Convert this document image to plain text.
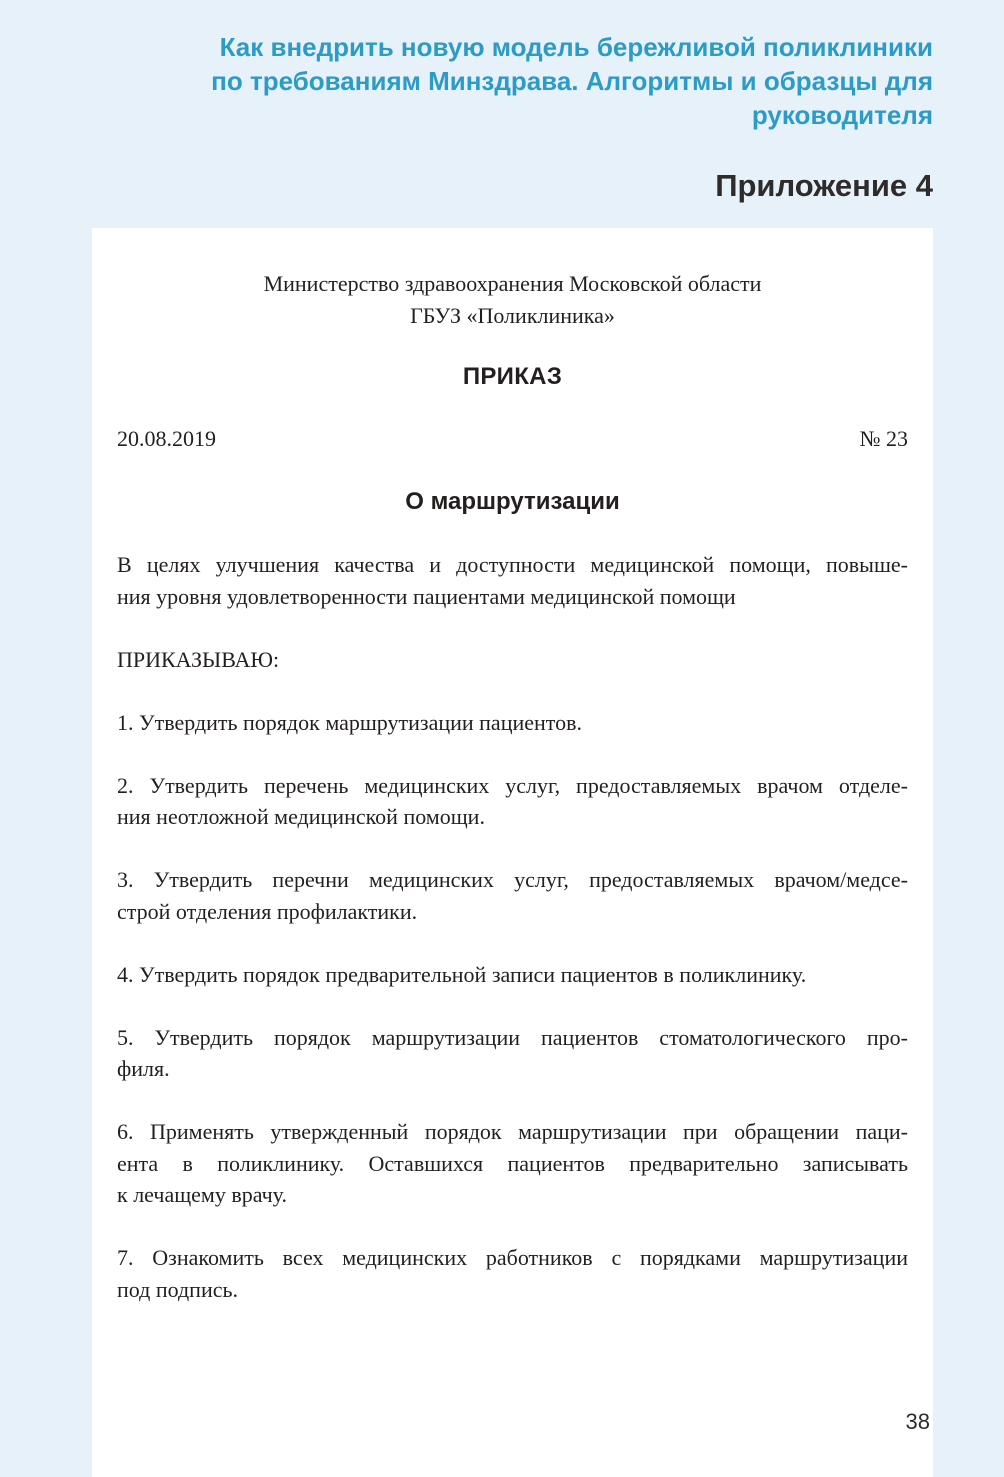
Как внедрить новую модель бережливой поликлиники
по требованиям Минздрава. Алгоритмы и образцы для руководителя
Приложение 4
Министерство здравоохранения Московской области
ГБУЗ «Поликлиника»
ПРИКАЗ
20.08.2019	№ 23
О маршрутизации
В целях улучшения качества и доступности медицинской помощи, повыше-
ния уровня удовлетворенности пациентами медицинской помощи
ПРИКАЗЫВАЮ:
1. Утвердить порядок маршрутизации пациентов.
2. Утвердить перечень медицинских услуг, предоставляемых врачом отделе-
ния неотложной медицинской помощи.
3. Утвердить перечни медицинских услуг, предоставляемых врачом/медсе-
строй отделения профилактики.
4. Утвердить порядок предварительной записи пациентов в поликлинику.
5. Утвердить порядок маршрутизации пациентов стоматологического про-
филя.
6. Применять утвержденный порядок маршрутизации при обращении паци-
ента в поликлинику. Оставшихся пациентов предварительно записывать
к лечащему врачу.
7. Ознакомить всех медицинских работников с порядками маршрутизации
под подпись.
38
